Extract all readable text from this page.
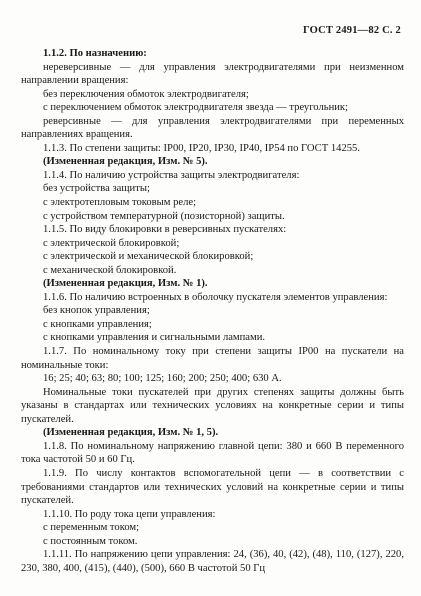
ГОСТ 2491—82 С. 2

1.1.2. По назначению:

нереверсивные — для управления электродвигателями при неизменном направлении вращения:

без переключения обмоток электродвигателя;

с переключением обмоток электродвигателя звезда — треугольник;

реверсивные — для управления электродвигателями при переменных направлениях вращения.

1.1.3. По степени защиты: IP00, IP20, IP30, IP40, IP54 по ГОСТ 14255.

(Измененная редакция, Изм. № 5).

1.1.4. По наличию устройства защиты электродвигателя:

без устройства защиты;

с электротепловым токовым реле;

с устройством температурной (позисторной) защиты.

1.1.5. По виду блокировки в реверсивных пускателях:

с электрической блокировкой;

с электрической и механической блокировкой;

с механической блокировкой.

(Измененная редакция, Изм. № 1).

1.1.6. По наличию встроенных в оболочку пускателя элементов управления:

без кнопок управления;

с кнопками управления;

с кнопками управления и сигнальными лампами.

1.1.7. По номинальному току при степени защиты IP00 на пускатели на номинальные токи:

16; 25; 40; 63; 80; 100; 125; 160; 200; 250; 400; 630 А.

Номинальные токи пускателей при других степенях защиты должны быть указаны в стандартах или технических условиях на конкретные серии и типы пускателей.

(Измененная редакция, Изм. № 1, 5).

1.1.8. По номинальному напряжению главной цепи: 380 и 660 В переменного тока частотой 50 и 60 Гц.

1.1.9. По числу контактов вспомогательной цепи — в соответствии с требованиями стандартов или технических условий на конкретные серии и типы пускателей.

1.1.10. По роду тока цепи управления:

с переменным током;

с постоянным током.

1.1.11. По напряжению цепи управления: 24, (36), 40, (42), (48), 110, (127), 220, 230, 380, 400, (415), (440), (500), 660 В частотой 50 Гц
